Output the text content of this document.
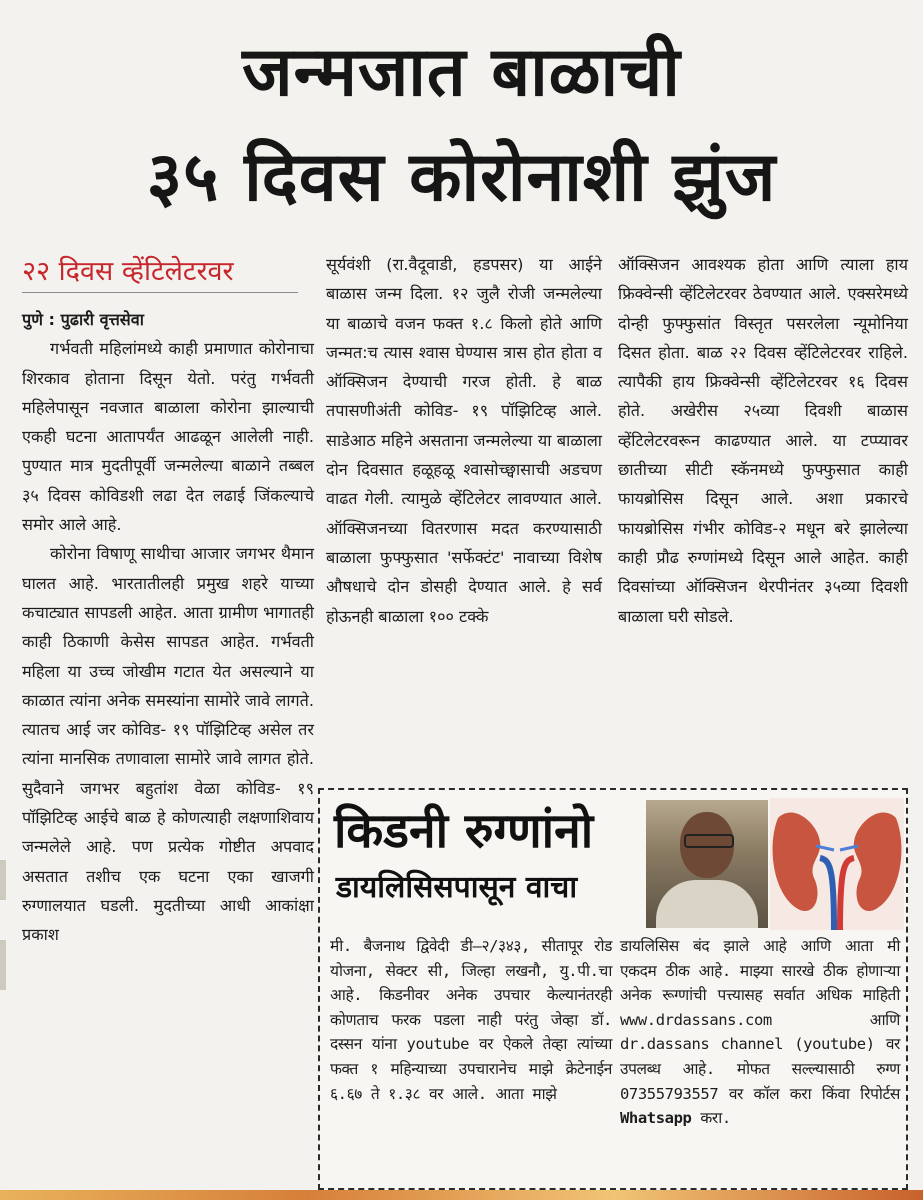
जन्मजात बाळाची
३५ दिवस कोरोनाशी झुंज
२२ दिवस व्हेंटिलेटरवर

पुणे : पुढारी वृत्तसेवा

गर्भवती महिलांमध्ये काही प्रमाणात कोरोनाचा शिरकाव होताना दिसून येतो. परंतु गर्भवती महिलेपासून नवजात बाळाला कोरोना झाल्याची एकही घटना आतापर्यंत आढळून आलेली नाही. पुण्यात मात्र मुदतीपूर्वी जन्मलेल्या बाळाने तब्बल ३५ दिवस कोविडशी लढा देत लढाई जिंकल्याचे समोर आले आहे.

कोरोना विषाणू साथीचा आजार जगभर थैमान घालत आहे. भारतातीलही प्रमुख शहरे याच्या कचाट्यात सापडली आहेत. आता ग्रामीण भागातही काही ठिकाणी केसेस सापडत आहेत. गर्भवती महिला या उच्च जोखीम गटात येत असल्याने या काळात त्यांना अनेक समस्यांना सामोरे जावे लागते. त्यातच आई जर कोविड- १९ पॉझिटिव्ह असेल तर त्यांना मानसिक तणावाला सामोरे जावे लागत होते. सुदैवाने जगभर बहुतांश वेळा कोविड- १९ पॉझिटिव्ह आईचे बाळ हे कोणत्याही लक्षणाशिवाय जन्मलेले आहे. पण प्रत्येक गोष्टीत अपवाद असतात तशीच एक घटना एका खाजगी रुग्णालयात घडली. मुदतीच्या आधी आकांक्षा प्रकाश

सूर्यवंशी (रा.वैदूवाडी, हडपसर) या आईने बाळास जन्म दिला. १२ जुलै रोजी जन्मलेल्या या बाळाचे वजन फक्त १.८ किलो होते आणि जन्मत:च त्यास श्वास घेण्यास त्रास होत होता व ऑक्सिजन देण्याची गरज होती. हे बाळ तपासणीअंती कोविड- १९ पॉझिटिव्ह आले. साडेआठ महिने असताना जन्मलेल्या या बाळाला दोन दिवसात हळूहळू श्वासोच्छ्वासाची अडचण वाढत गेली. त्यामुळे व्हेंटिलेटर लावण्यात आले. ऑक्सिजनच्या वितरणास मदत करण्यासाठी बाळाला फुफ्फुसात 'सर्फेक्टंट' नावाच्या विशेष औषधाचे दोन डोसही देण्यात आले. हे सर्व होऊनही बाळाला १०० टक्के

ऑक्सिजन आवश्यक होता आणि त्याला हाय फ्रिक्वेन्सी व्हेंटिलेटरवर ठेवण्यात आले. एक्सरेमध्ये दोन्ही फुफ्फुसांत विस्तृत पसरलेला न्यूमोनिया दिसत होता. बाळ २२ दिवस व्हेंटिलेटरवर राहिले. त्यापैकी हाय फ्रिक्वेन्सी व्हेंटिलेटरवर १६ दिवस होते. अखेरीस २५व्या दिवशी बाळास व्हेंटिलेटरवरून काढण्यात आले. या टप्प्यावर छातीच्या सीटी स्कॅनमध्ये फुफ्फुसात काही फायब्रोसिस दिसून आले. अशा प्रकारचे फायब्रोसिस गंभीर कोविड-२ मधून बरे झालेल्या काही प्रौढ रुग्णांमध्ये दिसून आले आहेत. काही दिवसांच्या ऑक्सिजन थेरपीनंतर ३५व्या दिवशी बाळाला घरी सोडले.

किडनी रुग्णांनो
डायलिसिसपासून वाचा

मी. बैजनाथ द्विवेदी डी–२/३४३, सीतापूर रोड योजना, सेक्टर सी, जिल्हा लखनौ, यु.पी.चा आहे. किडनीवर अनेक उपचार केल्यानंतरही कोणताच फरक पडला नाही परंतु जेव्हा डॉ. दस्सन यांना youtube वर ऐकले तेव्हा त्यांच्या फक्त १ महिन्याच्या उपचारानेच माझे क्रेटेनाईन ६.६७ ते १.३८ वर आले. आता माझे

डायलिसिस बंद झाले आहे आणि आता मी एकदम ठीक आहे. माझ्या सारखे ठीक होणाऱ्या अनेक रूग्णांची पत्त्यासह सर्वात अधिक माहिती www.drdassans.com आणि dr.dassans channel (youtube) वर उपलब्ध आहे. मोफत सल्ल्यासाठी रुग्ण 07355793557 वर कॉल करा किंवा रिपोर्टस Whatsapp करा.
